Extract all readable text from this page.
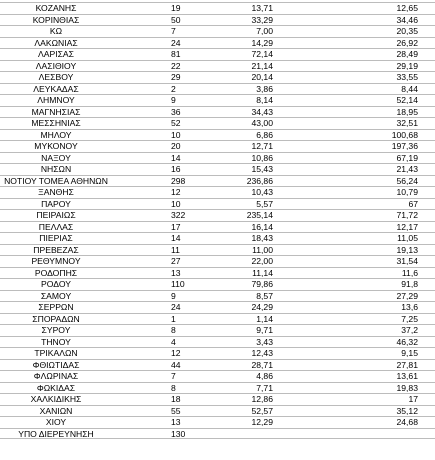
ΚΟΖΑΝΗΣ	19	13,71	12,65
ΚΟΡΙΝΘΙΑΣ	50	33,29	34,46
ΚΩ	7	7,00	20,35
ΛΑΚΩΝΙΑΣ	24	14,29	26,92
ΛΑΡΙΣΑΣ	81	72,14	28,49
ΛΑΣΙΘΙΟΥ	22	21,14	29,19
ΛΕΣΒΟΥ	29	20,14	33,55
ΛΕΥΚΑΔΑΣ	2	3,86	8,44
ΛΗΜΝΟΥ	9	8,14	52,14
ΜΑΓΝΗΣΙΑΣ	36	34,43	18,95
ΜΕΣΣΗΝΙΑΣ	52	43,00	32,51
ΜΗΛΟΥ	10	6,86	100,68
ΜΥΚΟΝΟΥ	20	12,71	197,36
ΝΑΞΟΥ	14	10,86	67,19
ΝΗΣΩΝ	16	15,43	21,43
ΝΟΤΙΟΥ ΤΟΜΕΑ ΑΘΗΝΩΝ	298	236,86	56,24
ΞΑΝΘΗΣ	12	10,43	10,79
ΠΑΡΟΥ	10	5,57	67
ΠΕΙΡΑΙΩΣ	322	235,14	71,72
ΠΕΛΛΑΣ	17	16,14	12,17
ΠΙΕΡΙΑΣ	14	18,43	11,05
ΠΡΕΒΕΖΑΣ	11	11,00	19,13
ΡΕΘΥΜΝΟΥ	27	22,00	31,54
ΡΟΔΟΠΗΣ	13	11,14	11,6
ΡΟΔΟΥ	110	79,86	91,8
ΣΑΜΟΥ	9	8,57	27,29
ΣΕΡΡΩΝ	24	24,29	13,6
ΣΠΟΡΑΔΩΝ	1	1,14	7,25
ΣΥΡΟΥ	8	9,71	37,2
ΤΗΝΟΥ	4	3,43	46,32
ΤΡΙΚΑΛΩΝ	12	12,43	9,15
ΦΘΙΩΤΙΔΑΣ	44	28,71	27,81
ΦΛΩΡΙΝΑΣ	7	4,86	13,61
ΦΩΚΙΔΑΣ	8	7,71	19,83
ΧΑΛΚΙΔΙΚΗΣ	18	12,86	17
ΧΑΝΙΩΝ	55	52,57	35,12
ΧΙΟΥ	13	12,29	24,68
ΥΠΟ ΔΙΕΡΕΥΝΗΣΗ	130
